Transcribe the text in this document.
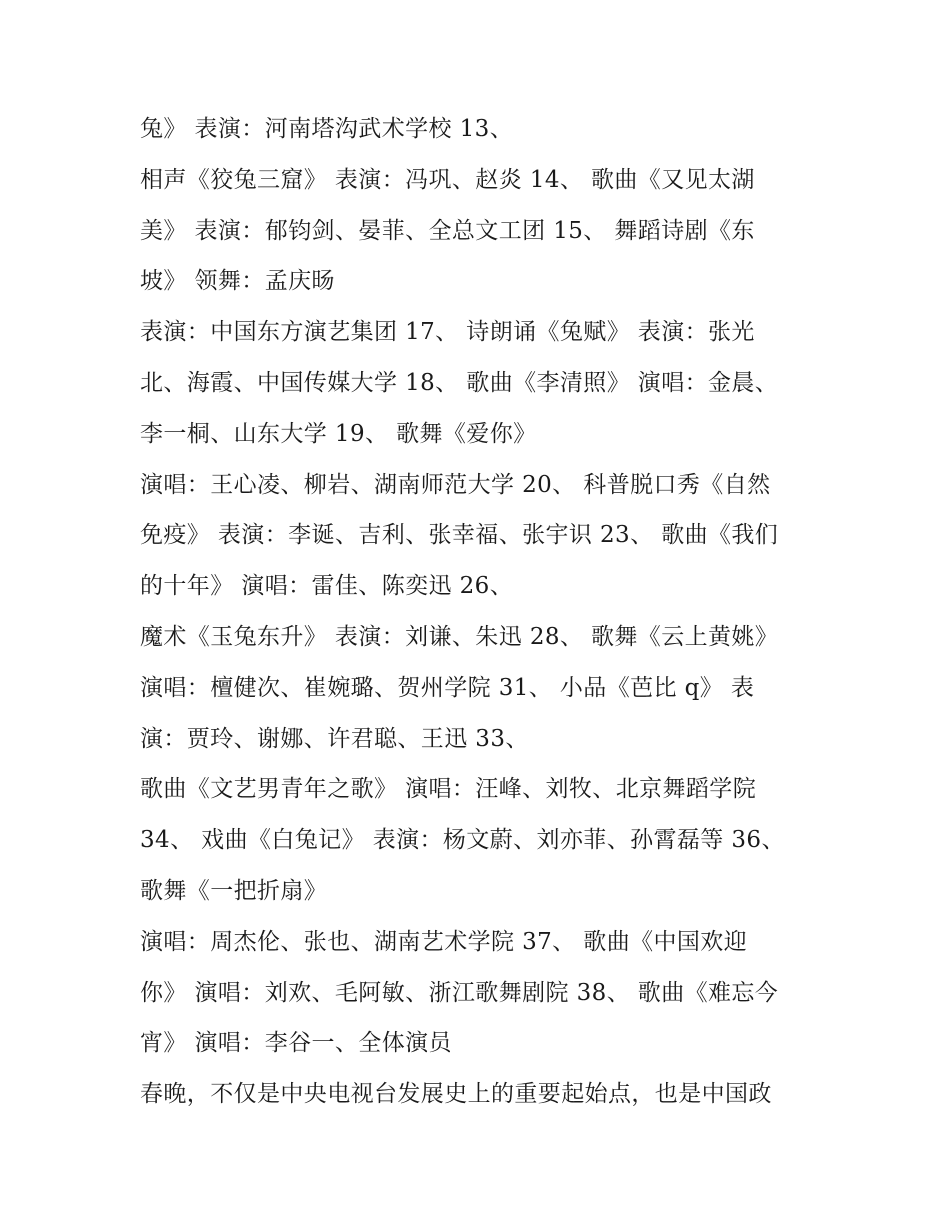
兔》 表演：河南塔沟武术学校 13、
相声《狡兔三窟》 表演：冯巩、赵炎 14、 歌曲《又见太湖
美》 表演：郁钧剑、晏菲、全总文工团 15、 舞蹈诗剧《东
坡》 领舞：孟庆旸
表演：中国东方演艺集团 17、 诗朗诵《兔赋》 表演：张光
北、海霞、中国传媒大学 18、 歌曲《李清照》 演唱：金晨、
李一桐、山东大学 19、 歌舞《爱你》
演唱：王心凌、柳岩、湖南师范大学 20、 科普脱口秀《自然
免疫》 表演：李诞、吉利、张幸福、张宇识 23、 歌曲《我们
的十年》 演唱：雷佳、陈奕迅 26、
魔术《玉兔东升》 表演：刘谦、朱迅 28、 歌舞《云上黄姚》
演唱：檀健次、崔婉璐、贺州学院 31、 小品《芭比 q》 表
演：贾玲、谢娜、许君聪、王迅 33、
歌曲《文艺男青年之歌》 演唱：汪峰、刘牧、北京舞蹈学院
34、 戏曲《白兔记》 表演：杨文蔚、刘亦菲、孙霄磊等 36、
歌舞《一把折扇》
演唱：周杰伦、张也、湖南艺术学院 37、 歌曲《中国欢迎
你》 演唱：刘欢、毛阿敏、浙江歌舞剧院 38、 歌曲《难忘今
宵》 演唱：李谷一、全体演员
春晚，不仅是中央电视台发展史上的重要起始点，也是中国政
